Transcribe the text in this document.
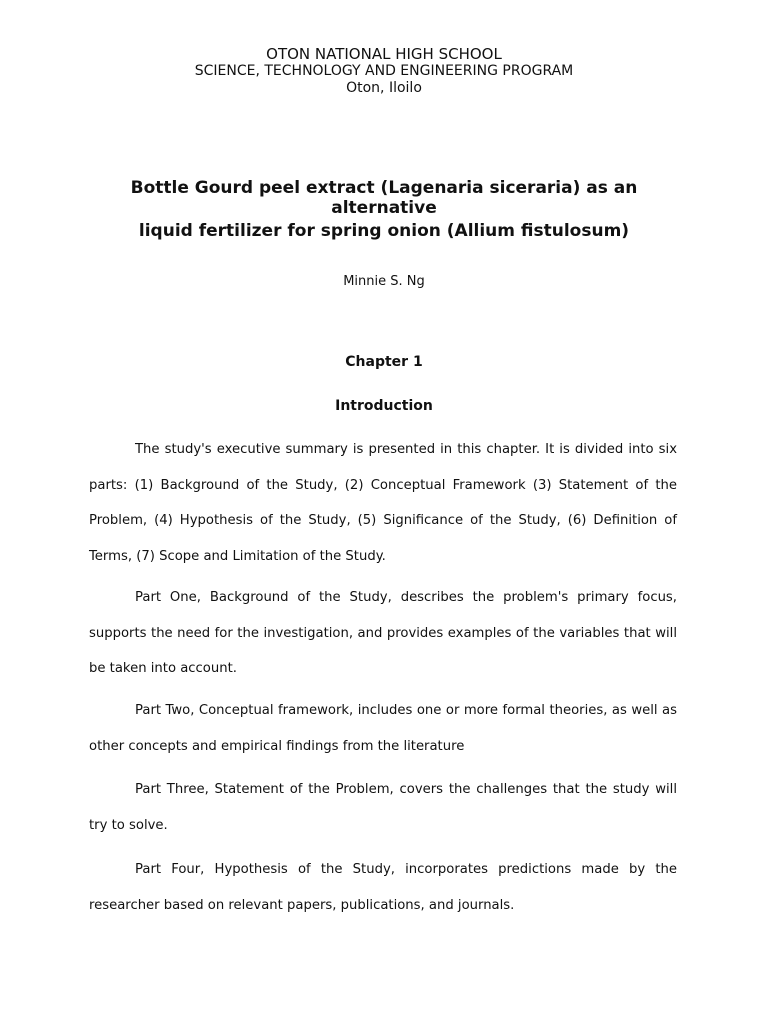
OTON NATIONAL HIGH SCHOOL
SCIENCE, TECHNOLOGY AND ENGINEERING PROGRAM
Oton, Iloilo
Bottle Gourd peel extract (Lagenaria siceraria) as an alternative
liquid fertilizer for spring onion (Allium fistulosum)
Minnie S. Ng
Chapter 1
Introduction

The study's executive summary is presented in this chapter. It is divided into six parts: (1) Background of the Study, (2) Conceptual Framework (3) Statement of the Problem, (4) Hypothesis of the Study, (5) Significance of the Study, (6) Definition of Terms, (7) Scope and Limitation of the Study.

Part One, Background of the Study, describes the problem's primary focus, supports the need for the investigation, and provides examples of the variables that will be taken into account.

Part Two, Conceptual framework, includes one or more formal theories, as well as other concepts and empirical findings from the literature

Part Three, Statement of the Problem, covers the challenges that the study will try to solve.

Part Four, Hypothesis of the Study, incorporates predictions made by the researcher based on relevant papers, publications, and journals.
